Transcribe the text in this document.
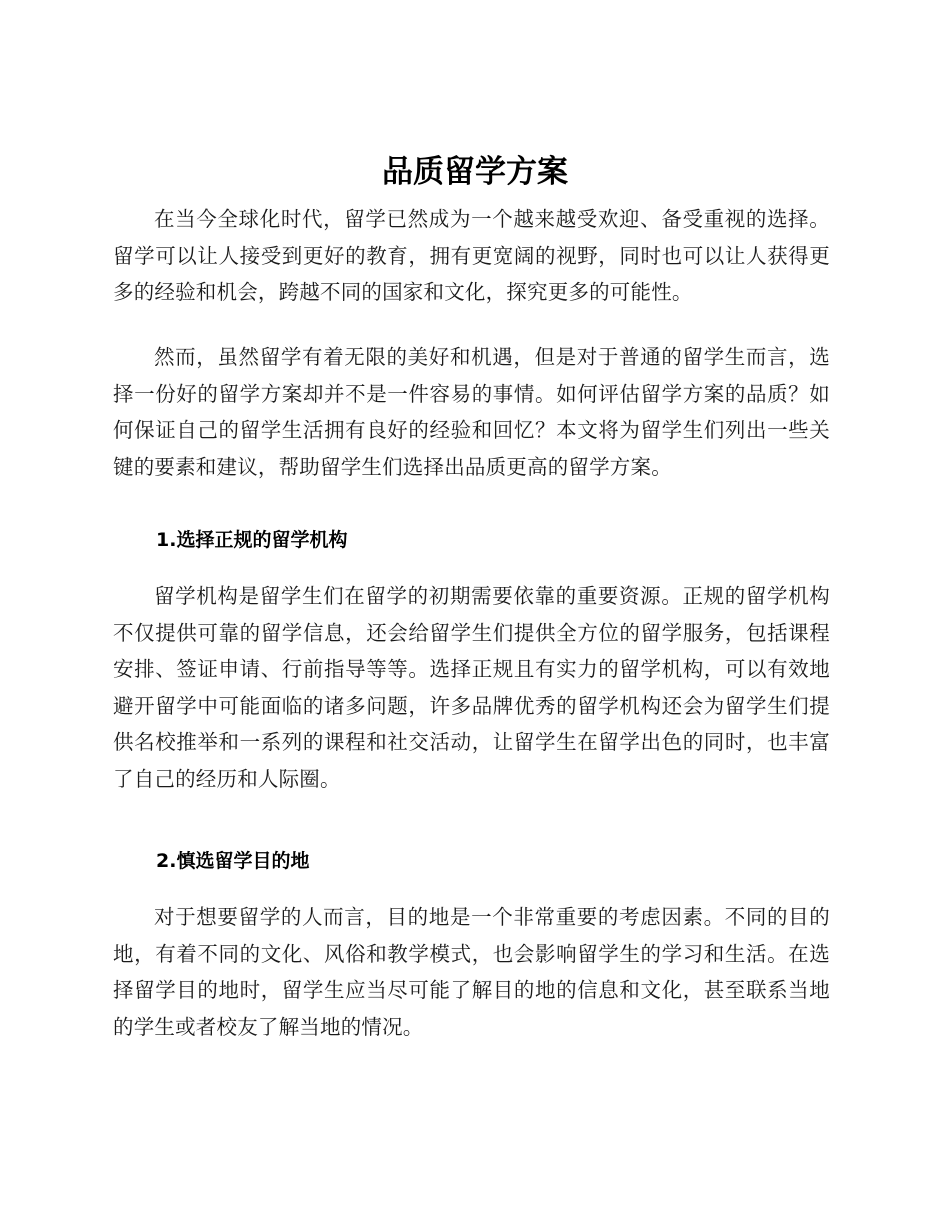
品质留学方案

在当今全球化时代，留学已然成为一个越来越受欢迎、备受重视的选择。留学可以让人接受到更好的教育，拥有更宽阔的视野，同时也可以让人获得更多的经验和机会，跨越不同的国家和文化，探究更多的可能性。

然而，虽然留学有着无限的美好和机遇，但是对于普通的留学生而言，选择一份好的留学方案却并不是一件容易的事情。如何评估留学方案的品质？如何保证自己的留学生活拥有良好的经验和回忆？本文将为留学生们列出一些关键的要素和建议，帮助留学生们选择出品质更高的留学方案。

1.选择正规的留学机构

留学机构是留学生们在留学的初期需要依靠的重要资源。正规的留学机构不仅提供可靠的留学信息，还会给留学生们提供全方位的留学服务，包括课程安排、签证申请、行前指导等等。选择正规且有实力的留学机构，可以有效地避开留学中可能面临的诸多问题，许多品牌优秀的留学机构还会为留学生们提供名校推举和一系列的课程和社交活动，让留学生在留学出色的同时，也丰富了自己的经历和人际圈。

2.慎选留学目的地

对于想要留学的人而言，目的地是一个非常重要的考虑因素。不同的目的地，有着不同的文化、风俗和教学模式，也会影响留学生的学习和生活。在选择留学目的地时，留学生应当尽可能了解目的地的信息和文化，甚至联系当地的学生或者校友了解当地的情况。
